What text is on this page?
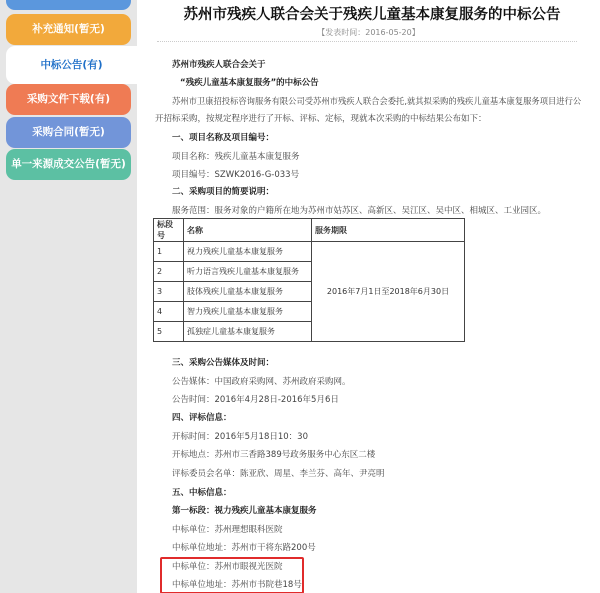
补充通知(暂无)
中标公告(有)
采购文件下载(有)
采购合同(暂无)
单一来源成交公告(暂无)
苏州市残疾人联合会关于残疾儿童基本康复服务的中标公告
【发表时间：2016-05-20】
苏州市残疾人联合会关于
“残疾儿童基本康复服务”的中标公告
苏州市卫康招投标咨询服务有限公司受苏州市残疾人联合会委托,就其拟采购的残疾儿童基本康复服务项目进行公
开招标采购，按规定程序进行了开标、评标、定标，现就本次采购的中标结果公布如下：
一、项目名称及项目编号：
项目名称：残疾儿童基本康复服务
项目编号：SZWK2016-G-033号
二、采购项目的简要说明：
服务范围：服务对象的户籍所在地为苏州市姑苏区、高新区、吴江区、吴中区、相城区、工业园区。
标段
号	名称	服务期限
1	视力残疾儿童基本康复服务	2016年7月1日至2018年6月30日
2	听力语言残疾儿童基本康复服务	
3	肢体残疾儿童基本康复服务	
4	智力残疾儿童基本康复服务	
5	孤独症儿童基本康复服务	
三、采购公告媒体及时间：
公告媒体：中国政府采购网、苏州政府采购网。
公告时间：2016年4月28日-2016年5月6日
四、评标信息：
开标时间：2016年5月18日10：30
开标地点：苏州市三香路389号政务服务中心东区二楼
评标委员会名单：陈亚欣、周星、李兰芬、高年、尹亮明
五、中标信息：
第一标段：视力残疾儿童基本康复服务
中标单位：苏州理想眼科医院
中标单位地址：苏州市干将东路200号
中标单位：苏州市眼视光医院
中标单位地址：苏州市书院巷18号
